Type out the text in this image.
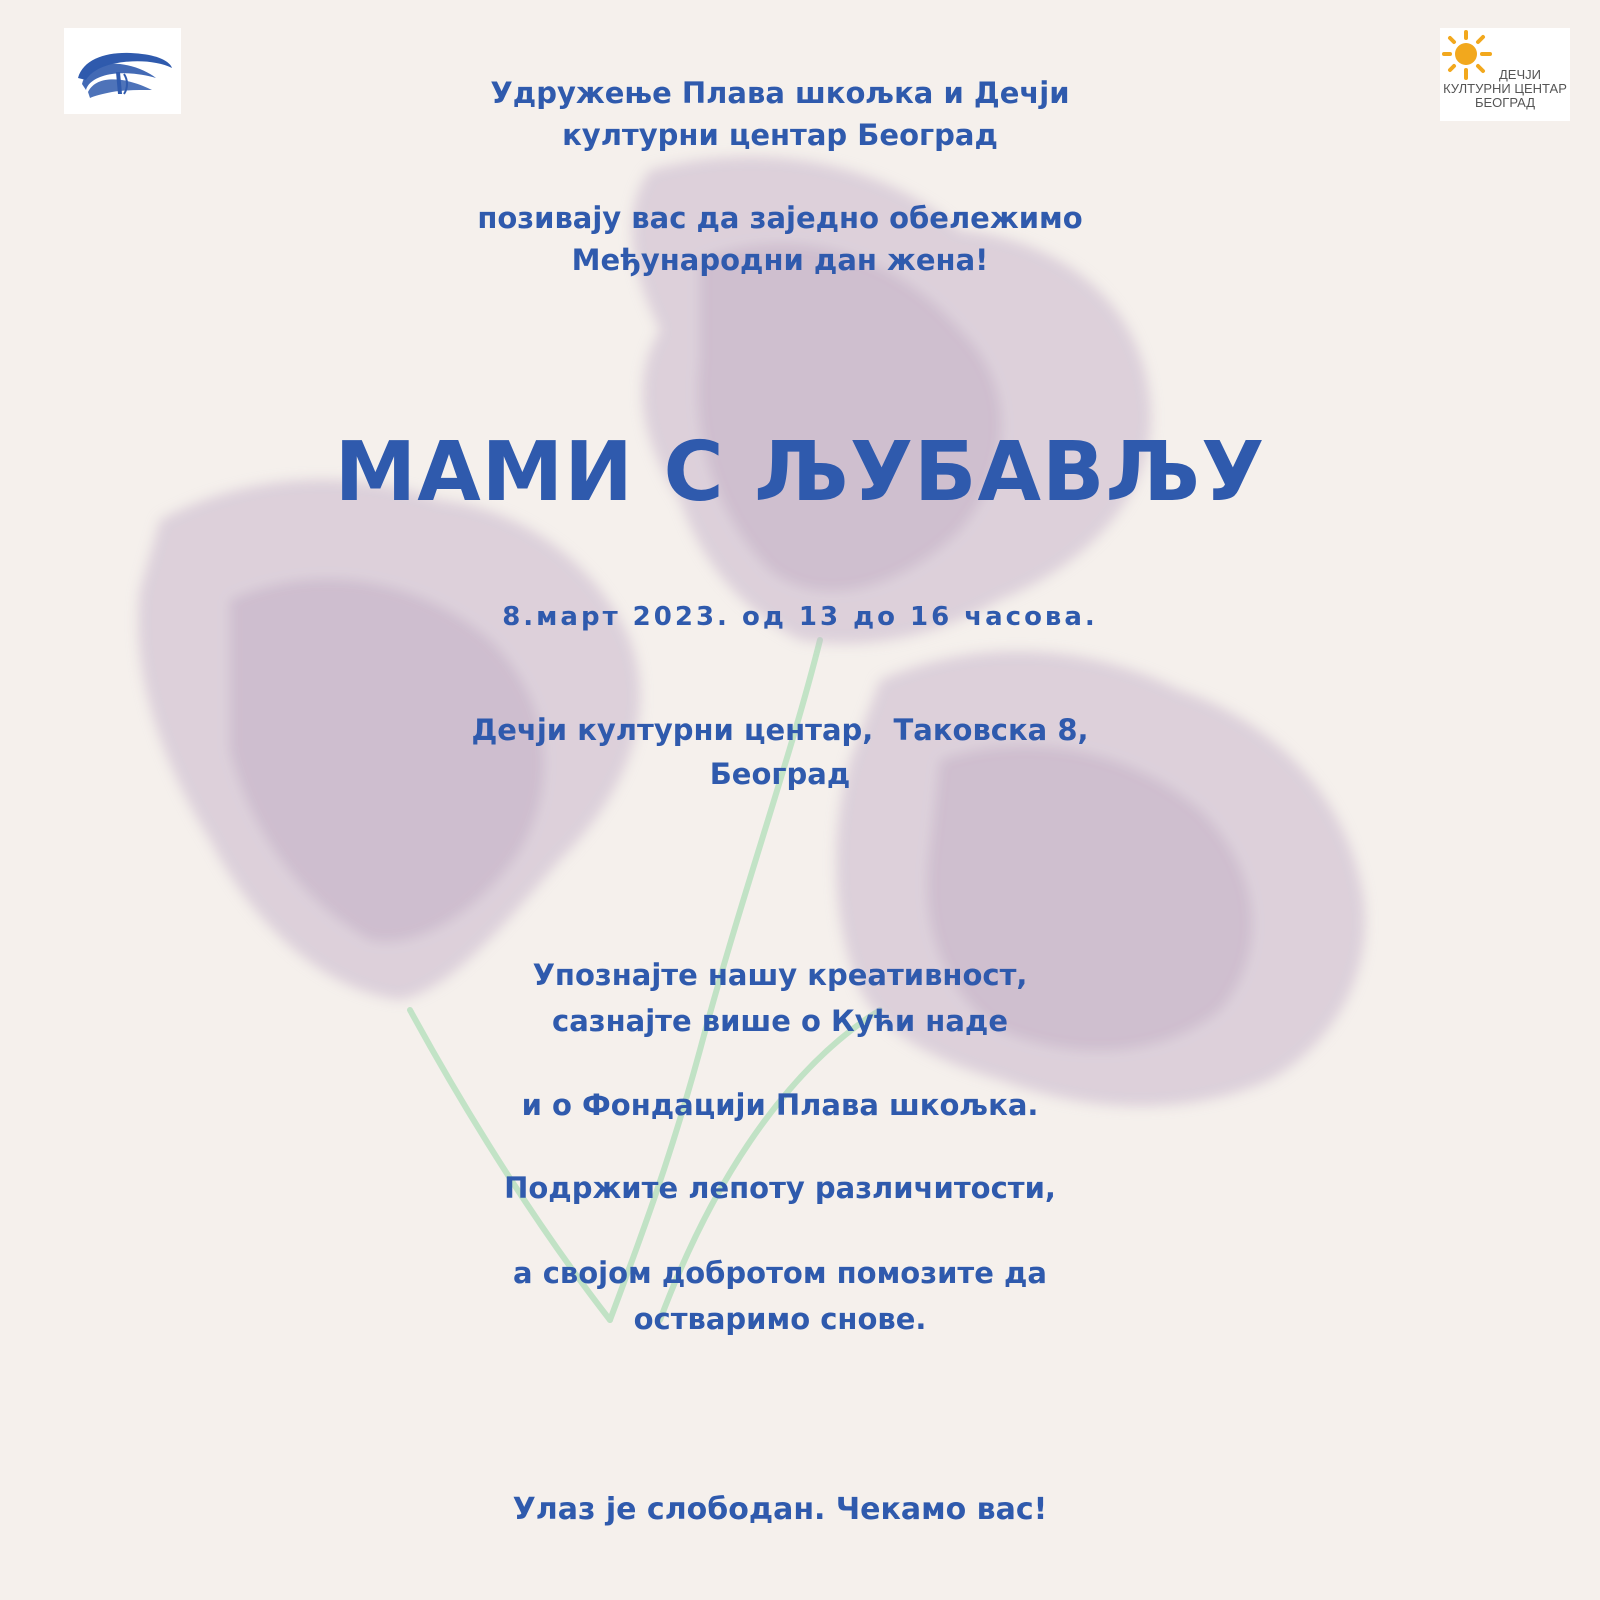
ДЕЧЈИ
КУЛТУРНИ ЦЕНТАР
БЕОГРАД
Удружење Плава шкољка и Дечји
културни центар Београд
позивају вас да заједно обележимо
Међународни дан жена!
МАМИ С ЉУБАВЉУ
8.март 2023. од 13 до 16 часова.
Дечји културни центар,  Таковска 8,
Београд
Упознајте нашу креативност,
сазнајте више о Кући наде
и о Фондацији Плава шкољка.
Подржите лепоту различитости,
а својом добротом помозите да
остваримо снове.
Улаз је слободан. Чекамо вас!
